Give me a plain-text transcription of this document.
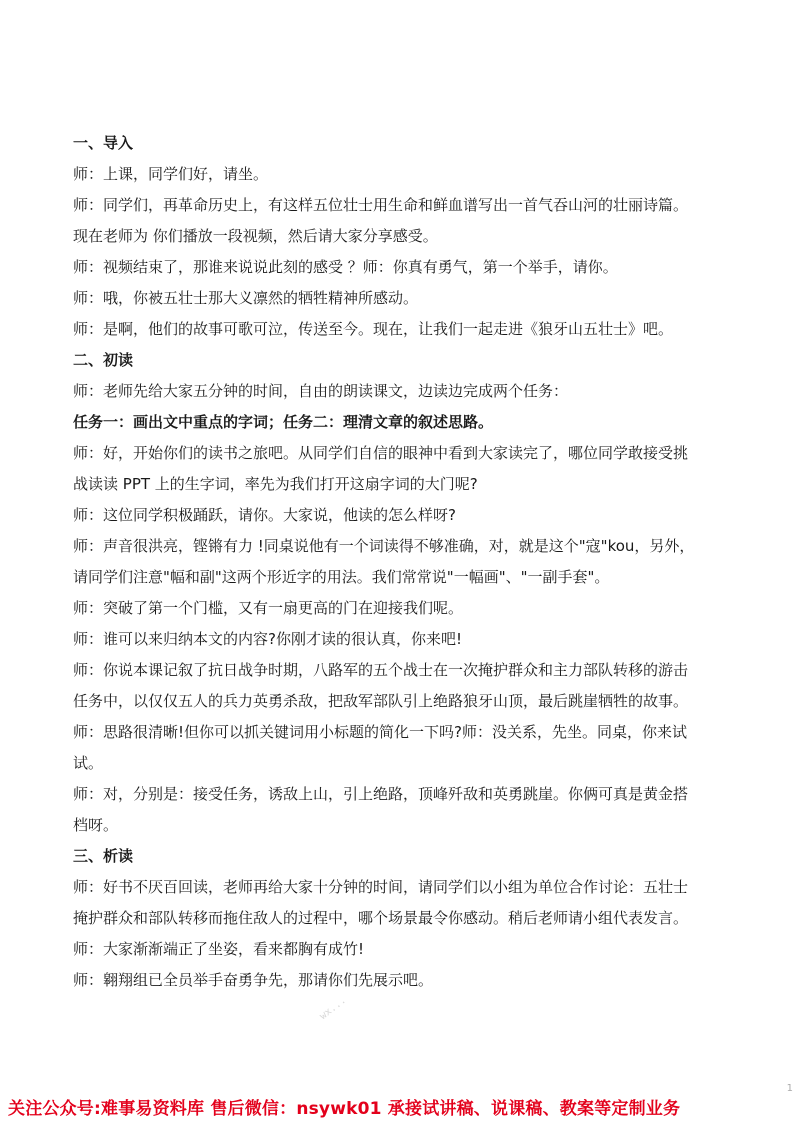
一、导入
师：上课，同学们好，请坐。
师：同学们，再革命历史上，有这样五位壮士用生命和鲜血谱写出一首气吞山河的壮丽诗篇。
现在老师为 你们播放一段视频，然后请大家分享感受。
师：视频结束了，那谁来说说此刻的感受 ？师：你真有勇气，第一个举手，请你。
师：哦，你被五壮士那大义凛然的牺牲精神所感动。
师：是啊，他们的故事可歌可泣，传送至今。现在，让我们一起走进《狼牙山五壮士》吧。
二、初读
师：老师先给大家五分钟的时间，自由的朗读课文，边读边完成两个任务：
任务一：画出文中重点的字词；任务二：理清文章的叙述思路。
师：好，开始你们的读书之旅吧。从同学们自信的眼神中看到大家读完了，哪位同学敢接受挑
战读读 PPT 上的生字词，率先为我们打开这扇字词的大门呢?
师：这位同学积极踊跃，请你。大家说，他读的怎么样呀?
师：声音很洪亮，铿锵有力 !同桌说他有一个词读得不够准确，对，就是这个"寇"kou，另外，
请同学们注意"幅和副"这两个形近字的用法。我们常常说"一幅画"、"一副手套"。
师：突破了第一个门槛，又有一扇更高的门在迎接我们呢。
师：谁可以来归纳本文的内容?你刚才读的很认真，你来吧!
师：你说本课记叙了抗日战争时期，八路军的五个战士在一次掩护群众和主力部队转移的游击
任务中，以仅仅五人的兵力英勇杀敌，把敌军部队引上绝路狼牙山顶，最后跳崖牺牲的故事。
师：思路很清晰!但你可以抓关键词用小标题的简化一下吗?师：没关系，先坐。同桌，你来试
试。
师：对，分别是：接受任务，诱敌上山，引上绝路，顶峰歼敌和英勇跳崖。你俩可真是黄金搭
档呀。
三、析读
师：好书不厌百回读，老师再给大家十分钟的时间，请同学们以小组为单位合作讨论：五壮士
掩护群众和部队转移而拖住敌人的过程中，哪个场景最令你感动。稍后老师请小组代表发言。
师：大家渐渐端正了坐姿，看来都胸有成竹!
师：翱翔组已全员举手奋勇争先，那请你们先展示吧。
wx...
1
关注公众号:难事易资料库 售后微信：nsywk01 承接试讲稿、说课稿、教案等定制业务
